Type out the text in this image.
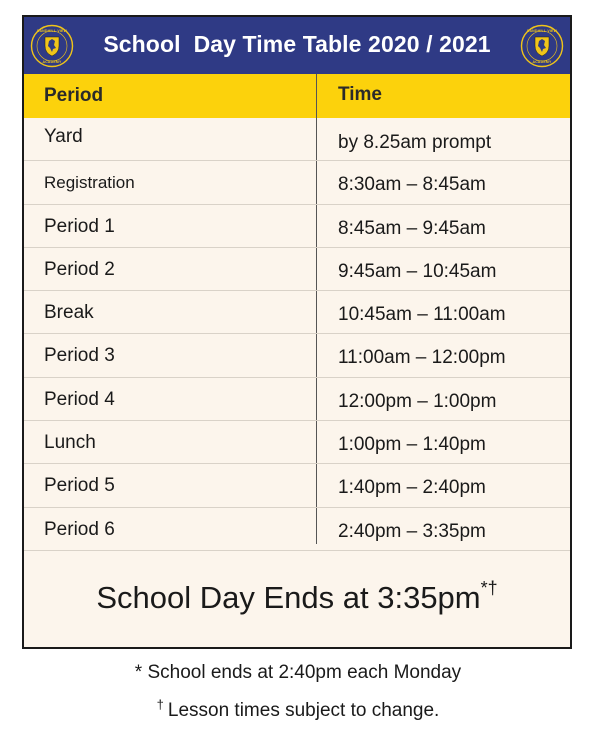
SANDHILL VIEW
ACADEMY
School  Day Time Table 2020 / 2021	SANDHILL VIEW
ACADEMY
Period	Time
Yard	by 8.25am prompt
Registration	8:30am – 8:45am
Period 1	8:45am – 9:45am
Period 2	9:45am – 10:45am
Break	10:45am – 11:00am
Period 3	11:00am – 12:00pm
Period 4	12:00pm – 1:00pm
Lunch	1:00pm – 1:40pm
Period 5	1:40pm – 2:40pm
Period 6	2:40pm – 3:35pm
School Day Ends at 3:35pm*†
* School ends at 2:40pm each Monday
† Lesson times subject to change.
